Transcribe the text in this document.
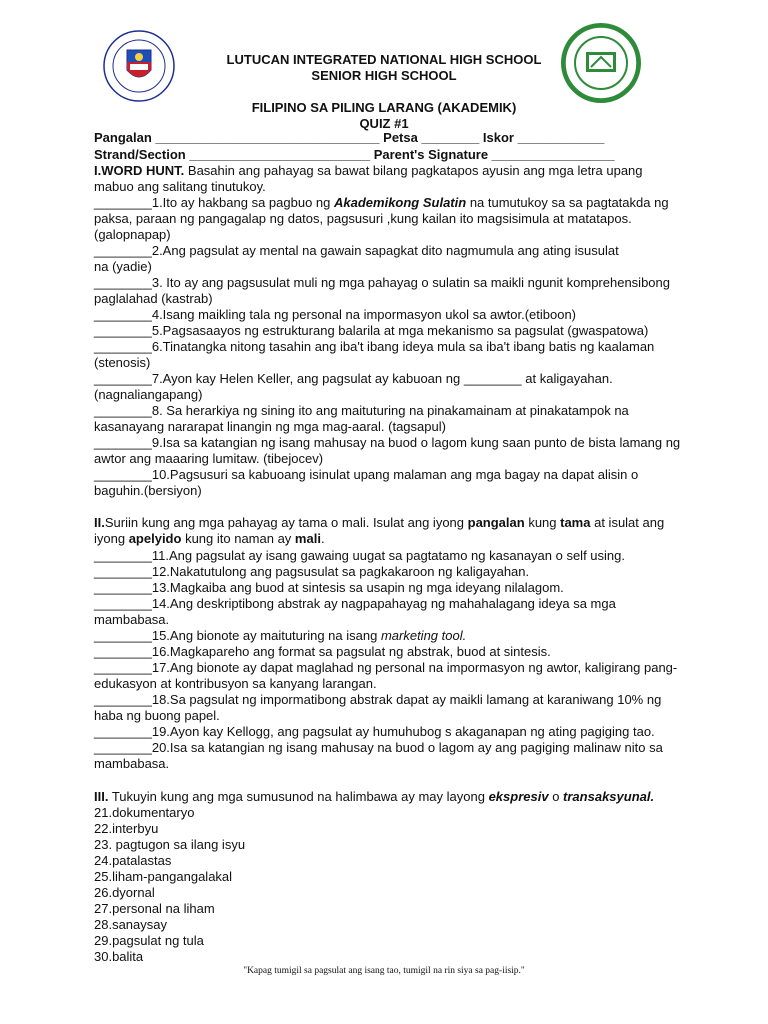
LUTUCAN INTEGRATED NATIONAL HIGH SCHOOL
SENIOR HIGH SCHOOL
FILIPINO SA PILING LARANG (AKADEMIK)
QUIZ #1
Pangalan _______________________________ Petsa ________ Iskor ____________
Strand/Section _________________________ Parent's Signature _________________
I.WORD HUNT. Basahin ang pahayag sa bawat bilang pagkatapos ayusin ang mga letra upang
mabuo ang salitang tinutukoy.
________1.Ito ay hakbang sa pagbuo ng Akademikong Sulatin na tumutukoy sa sa pagtatakda ng
paksa, paraan ng pangagalap ng datos, pagsusuri ,kung kailan ito magsisimula at matatapos.
(galopnapap)
________2.Ang pagsulat ay mental na gawain sapagkat dito nagmumula ang ating isusulat
na (yadie)
________3. Ito ay ang pagsusulat muli ng mga pahayag o sulatin sa maikli ngunit komprehensibong
paglalahad (kastrab)
________4.Isang maikling tala ng personal na impormasyon ukol sa awtor.(etiboon)
________5.Pagsasaayos ng estrukturang balarila at mga mekanismo sa pagsulat (gwaspatowa)
________6.Tinatangka nitong tasahin ang iba't ibang ideya mula sa iba't ibang batis ng kaalaman
(stenosis)
________7.Ayon kay Helen Keller, ang pagsulat ay kabuoan ng ________ at kaligayahan.
(nagnaliangapang)
________8. Sa herarkiya ng sining ito ang maituturing na pinakamainam at pinakatampok na
kasanayang nararapat linangin ng mga mag-aaral. (tagsapul)
________9.Isa sa katangian ng isang mahusay na buod o lagom kung saan punto de bista lamang ng
awtor ang maaaring lumitaw. (tibejocev)
________10.Pagsusuri sa kabuoang isinulat upang malaman ang mga bagay na dapat alisin o
baguhin.(bersiyon)
II.Suriin kung ang mga pahayag ay tama o mali. Isulat ang iyong pangalan kung tama at isulat ang
iyong apelyido kung ito naman ay mali.
________11.Ang pagsulat ay isang gawaing uugat sa pagtatamo ng kasanayan o self using.
________12.Nakatutulong ang pagsusulat sa pagkakaroon ng kaligayahan.
________13.Magkaiba ang buod at sintesis sa usapin ng mga ideyang nilalagom.
________14.Ang deskriptibong abstrak ay nagpapahayag ng mahahalagang ideya sa mga
mambabasa.
________15.Ang bionote ay maituturing na isang marketing tool.
________16.Magkapareho ang format sa pagsulat ng abstrak, buod at sintesis.
________17.Ang bionote ay dapat maglahad ng personal na impormasyon ng awtor, kaligirang pang-
edukasyon at kontribusyon sa kanyang larangan.
________18.Sa pagsulat ng impormatibong abstrak dapat ay maikli lamang at karaniwang 10% ng
haba ng buong papel.
________19.Ayon kay Kellogg, ang pagsulat ay humuhubog s akaganapan ng ating pagiging tao.
________20.Isa sa katangian ng isang mahusay na buod o lagom ay ang pagiging malinaw nito sa
mambabasa.
III. Tukuyin kung ang mga sumusunod na halimbawa ay may layong ekspresiv o transaksyunal.
21.dokumentaryo
22.interbyu
23. pagtugon sa ilang isyu
24.patalastas
25.liham-pangangalakal
26.dyornal
27.personal na liham
28.sanaysay
29.pagsulat ng tula
30.balita
"Kapag tumigil sa pagsulat ang isang tao, tumigil na rin siya sa pag-iisip."
